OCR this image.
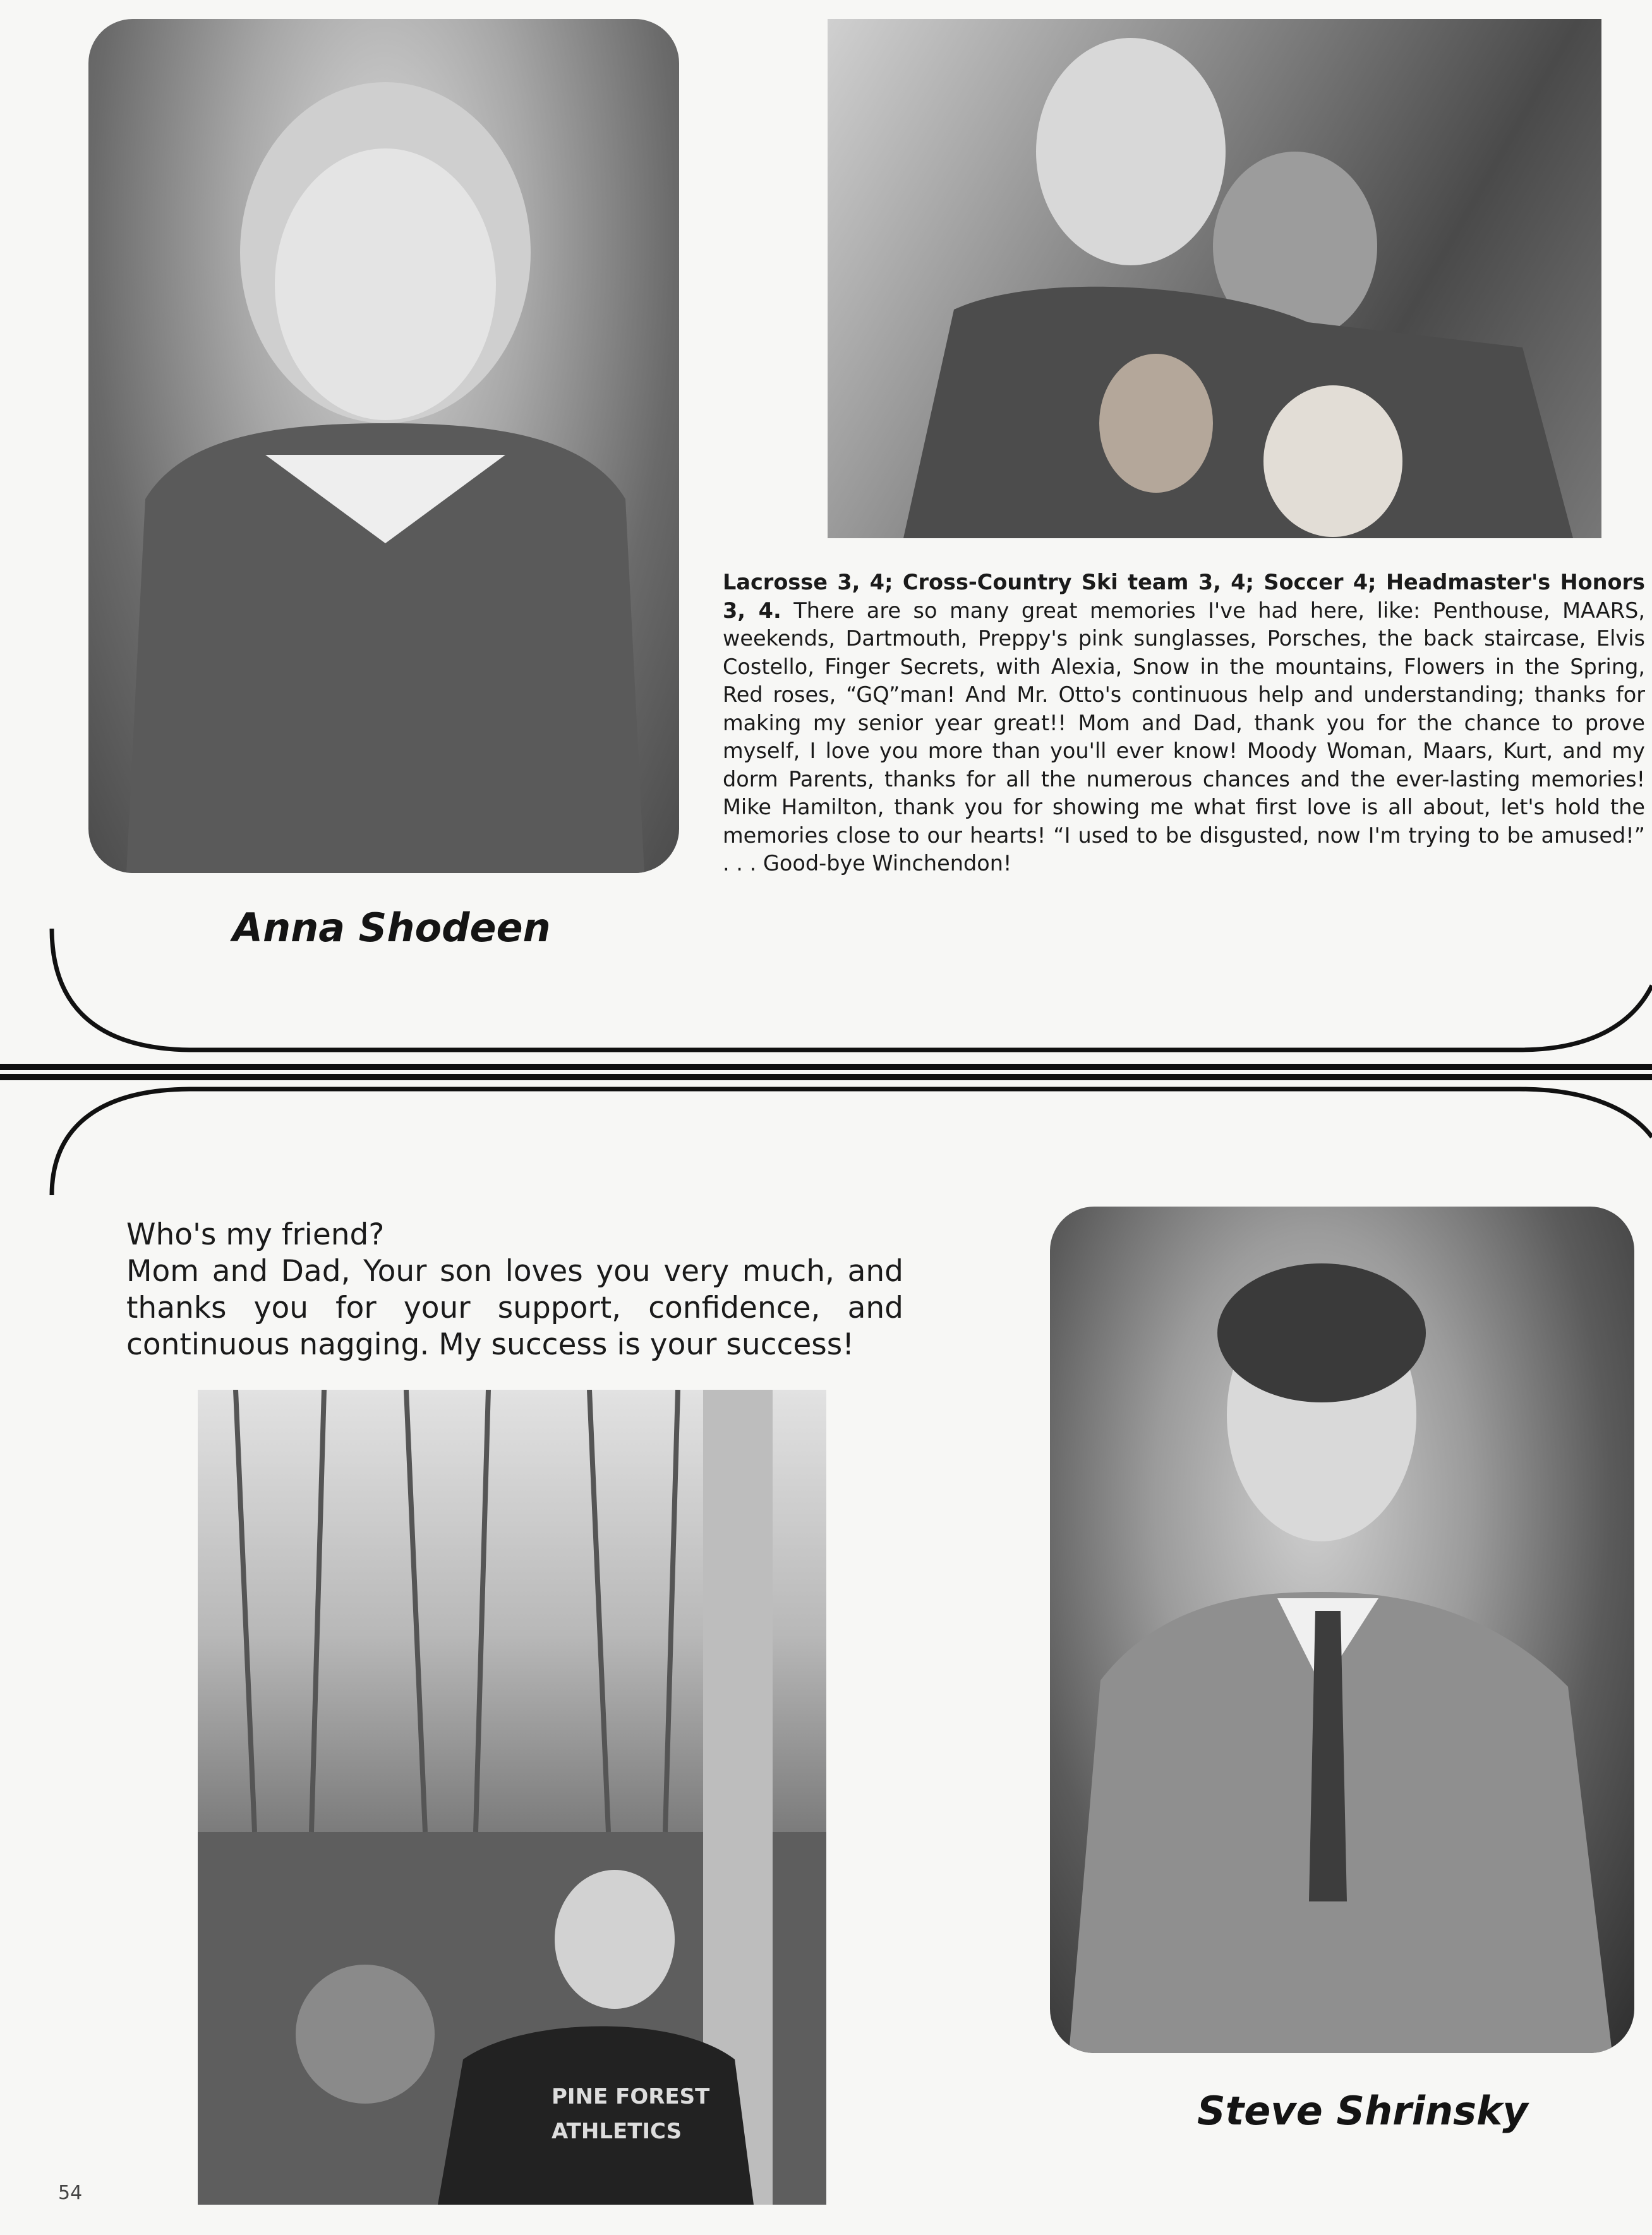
PINE FOREST
ATHLETICS
Anna Shodeen
Lacrosse 3, 4; Cross-Country Ski team 3, 4; Soccer 4; Headmaster's Honors 3, 4. There are so many great memories I've had here, like: Penthouse, MAARS, weekends, Dartmouth, Preppy's pink sunglasses, Porsches, the back staircase, Elvis Costello, Finger Secrets, with Alexia, Snow in the mountains, Flowers in the Spring, Red roses, “GQ”man! And Mr. Otto's continuous help and understanding; thanks for making my senior year great!! Mom and Dad, thank you for the chance to prove myself, I love you more than you'll ever know! Moody Woman, Maars, Kurt, and my dorm Parents, thanks for all the numerous chances and the ever-lasting memories! Mike Hamilton, thank you for showing me what first love is all about, let's hold the memories close to our hearts! “I used to be disgusted, now I'm trying to be amused!” . . . Good-bye Winchendon!

Who's my friend?

Mom and Dad, Your son loves you very much, and thanks you for your support, confidence, and continuous nagging. My success is your success!

Steve Shrinsky
54
